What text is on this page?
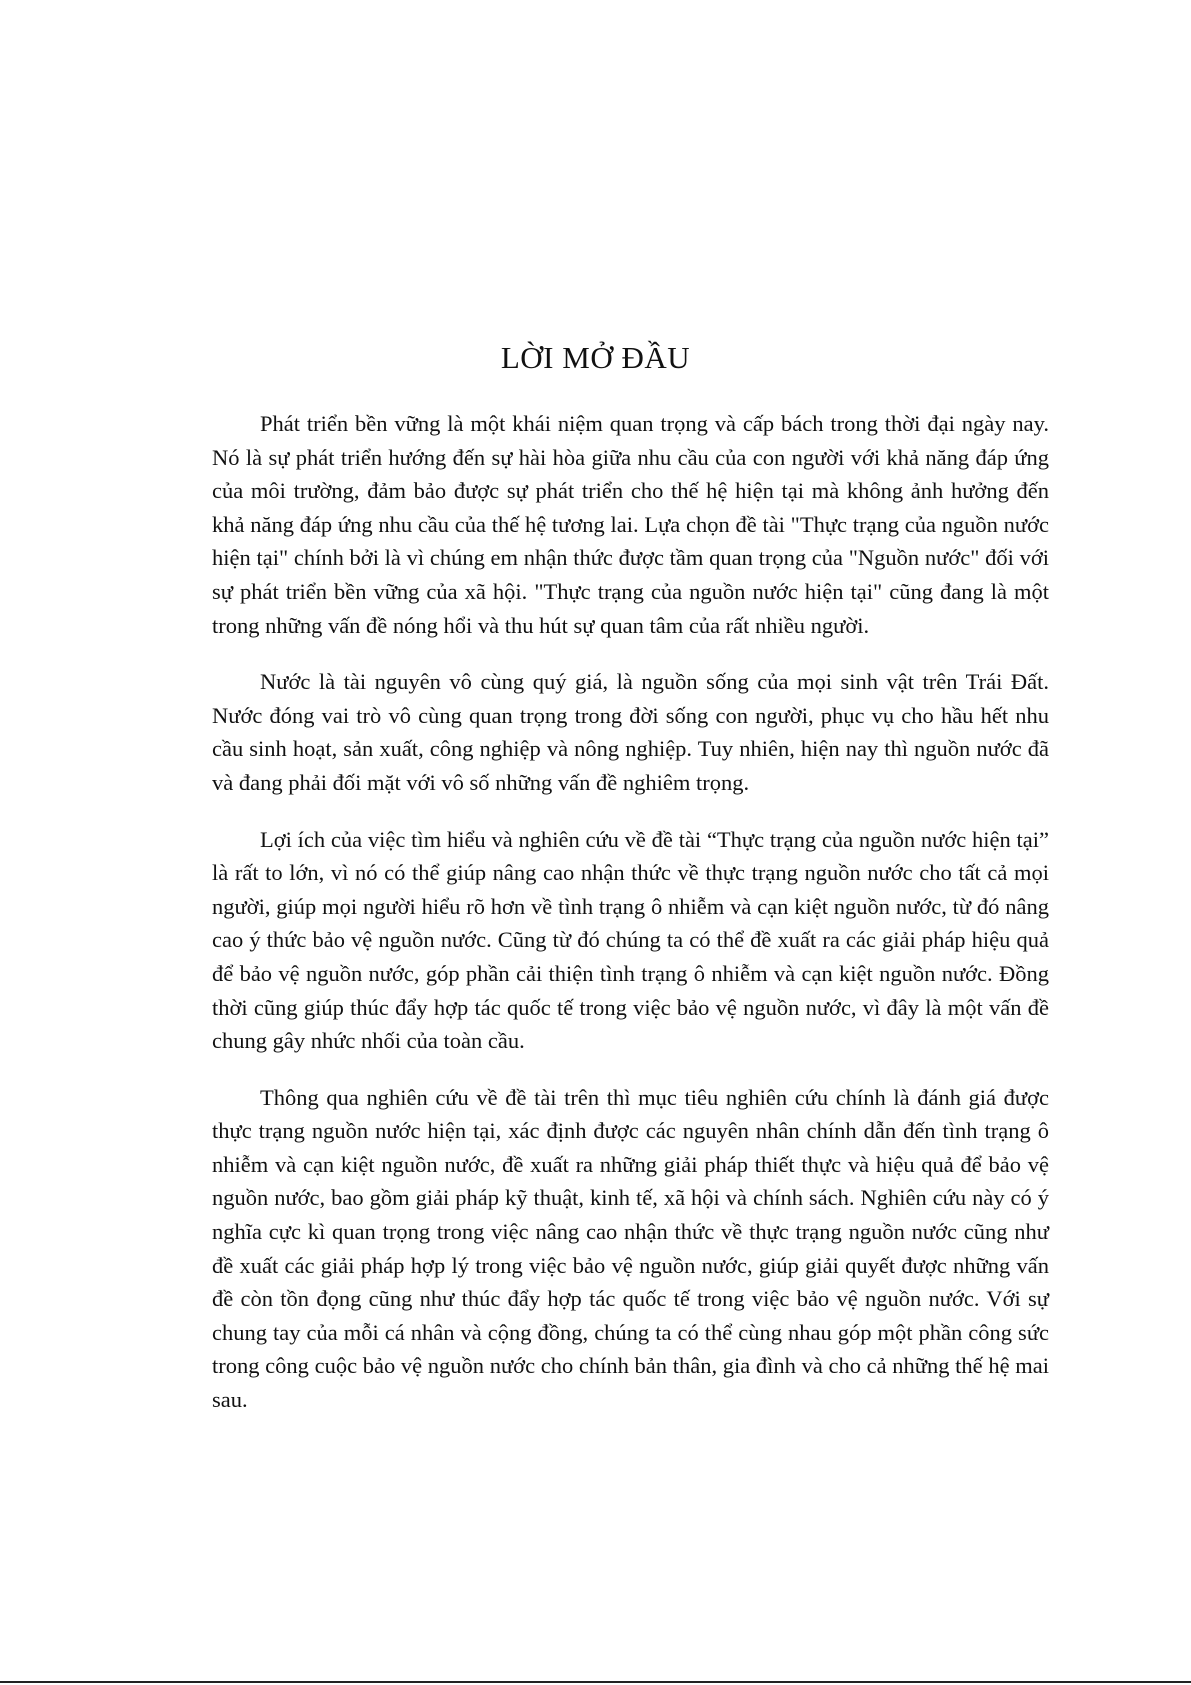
LỜI MỞ ĐẦU

Phát triển bền vững là một khái niệm quan trọng và cấp bách trong thời đại ngày nay. Nó là sự phát triển hướng đến sự hài hòa giữa nhu cầu của con người với khả năng đáp ứng của môi trường, đảm bảo được sự phát triển cho thế hệ hiện tại mà không ảnh hưởng đến khả năng đáp ứng nhu cầu của thế hệ tương lai. Lựa chọn đề tài "Thực trạng của nguồn nước hiện tại" chính bởi là vì chúng em nhận thức được tầm quan trọng của "Nguồn nước" đối với sự phát triển bền vững của xã hội. "Thực trạng của nguồn nước hiện tại" cũng đang là một trong những vấn đề nóng hổi và thu hút sự quan tâm của rất nhiều người.

Nước là tài nguyên vô cùng quý giá, là nguồn sống của mọi sinh vật trên Trái Đất. Nước đóng vai trò vô cùng quan trọng trong đời sống con người, phục vụ cho hầu hết nhu cầu sinh hoạt, sản xuất, công nghiệp và nông nghiệp. Tuy nhiên, hiện nay thì nguồn nước đã và đang phải đối mặt với vô số những vấn đề nghiêm trọng.

Lợi ích của việc tìm hiểu và nghiên cứu về đề tài “Thực trạng của nguồn nước hiện tại” là rất to lớn, vì nó có thể giúp nâng cao nhận thức về thực trạng nguồn nước cho tất cả mọi người, giúp mọi người hiểu rõ hơn về tình trạng ô nhiễm và cạn kiệt nguồn nước, từ đó nâng cao ý thức bảo vệ nguồn nước. Cũng từ đó chúng ta có thể đề xuất ra các giải pháp hiệu quả để bảo vệ nguồn nước, góp phần cải thiện tình trạng ô nhiễm và cạn kiệt nguồn nước. Đồng thời cũng giúp thúc đẩy hợp tác quốc tế trong việc bảo vệ nguồn nước, vì đây là một vấn đề chung gây nhức nhối của toàn cầu.

Thông qua nghiên cứu về đề tài trên thì mục tiêu nghiên cứu chính là đánh giá được thực trạng nguồn nước hiện tại, xác định được các nguyên nhân chính dẫn đến tình trạng ô nhiễm và cạn kiệt nguồn nước, đề xuất ra những giải pháp thiết thực và hiệu quả để bảo vệ nguồn nước, bao gồm giải pháp kỹ thuật, kinh tế, xã hội và chính sách. Nghiên cứu này có ý nghĩa cực kì quan trọng trong việc nâng cao nhận thức về thực trạng nguồn nước cũng như đề xuất các giải pháp hợp lý trong việc bảo vệ nguồn nước, giúp giải quyết được những vấn đề còn tồn đọng cũng như thúc đẩy hợp tác quốc tế trong việc bảo vệ nguồn nước. Với sự chung tay của mỗi cá nhân và cộng đồng, chúng ta có thể cùng nhau góp một phần công sức trong công cuộc bảo vệ nguồn nước cho chính bản thân, gia đình và cho cả những thế hệ mai sau.
